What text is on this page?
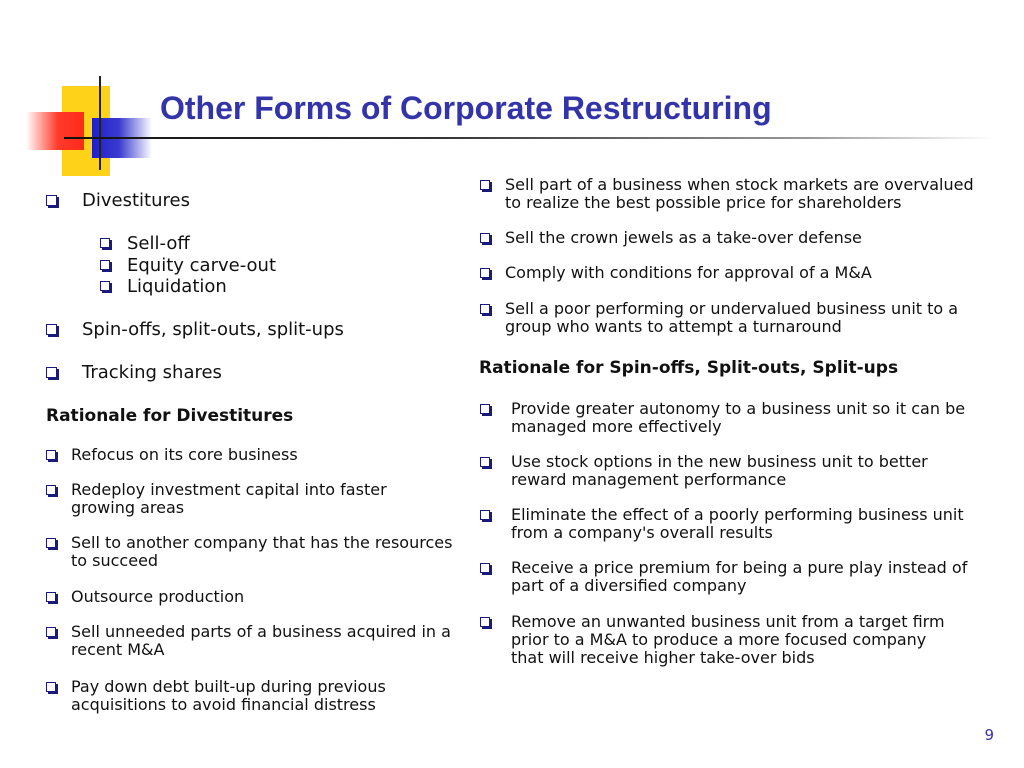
Other Forms of Corporate Restructuring
Divestitures
Sell-off
Equity carve-out
Liquidation
Spin-offs, split-outs, split-ups
Tracking shares
Rationale for Divestitures
Refocus on its core business
Redeploy investment capital into faster growing areas
Sell to another company that has the resources to succeed
Outsource production
Sell unneeded parts of a business acquired in a recent M&A
Pay down debt built-up during previous acquisitions to avoid financial distress
Sell part of a business when stock markets are overvalued to realize the best possible price for shareholders
Sell the crown jewels as a take-over defense
Comply with conditions for approval of a M&A
Sell a poor performing or undervalued business unit to a group who wants to attempt a turnaround
Rationale for Spin-offs, Split-outs, Split-ups
Provide greater autonomy to a business unit so it can be managed more effectively
Use stock options in the new business unit to better reward management performance
Eliminate the effect of a poorly performing business unit from a company's overall results
Receive a price premium for being a pure play instead of part of a diversified company
Remove an unwanted business unit from a target firm prior to a M&A to produce a more focused company that will receive higher take-over bids
9
